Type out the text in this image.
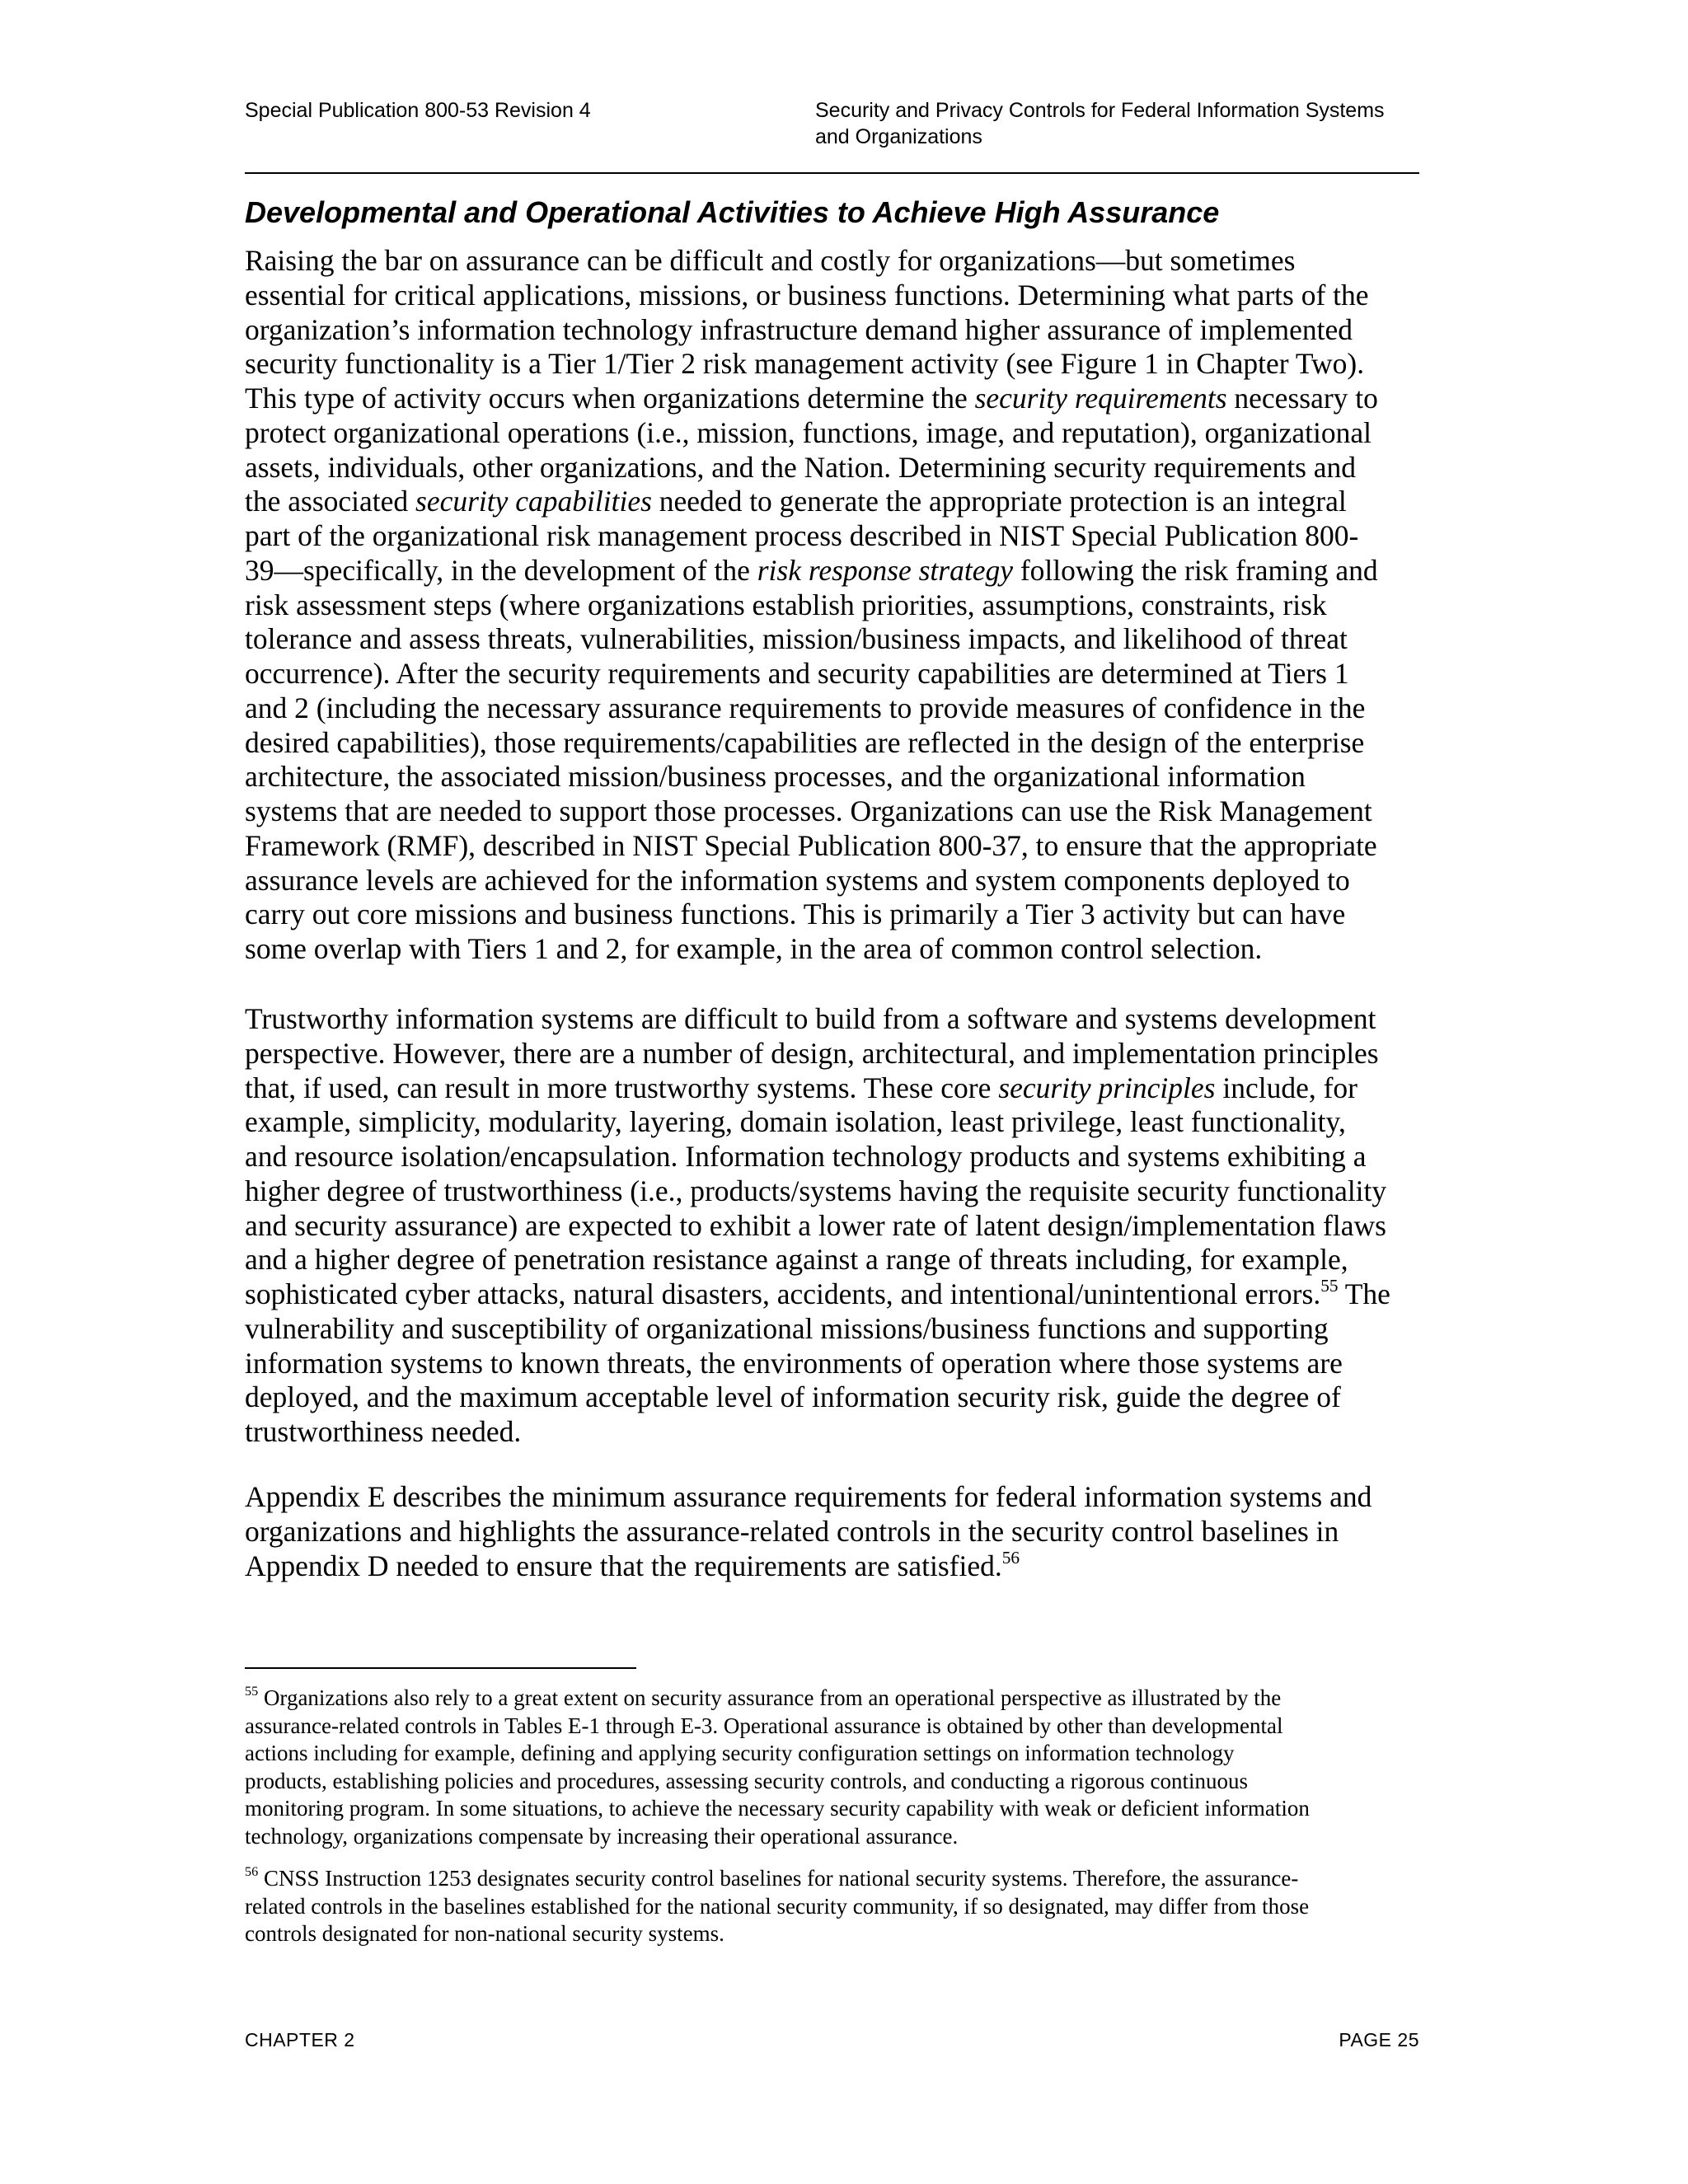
Special Publication 800-53 Revision 4	Security and Privacy Controls for Federal Information Systems
and Organizations
Developmental and Operational Activities to Achieve High Assurance
Raising the bar on assurance can be difficult and costly for organizations—but sometimes
essential for critical applications, missions, or business functions. Determining what parts of the
organization’s information technology infrastructure demand higher assurance of implemented
security functionality is a Tier 1/Tier 2 risk management activity (see Figure 1 in Chapter Two).
This type of activity occurs when organizations determine the security requirements necessary to
protect organizational operations (i.e., mission, functions, image, and reputation), organizational
assets, individuals, other organizations, and the Nation. Determining security requirements and
the associated security capabilities needed to generate the appropriate protection is an integral
part of the organizational risk management process described in NIST Special Publication 800-
39—specifically, in the development of the risk response strategy following the risk framing and
risk assessment steps (where organizations establish priorities, assumptions, constraints, risk
tolerance and assess threats, vulnerabilities, mission/business impacts, and likelihood of threat
occurrence). After the security requirements and security capabilities are determined at Tiers 1
and 2 (including the necessary assurance requirements to provide measures of confidence in the
desired capabilities), those requirements/capabilities are reflected in the design of the enterprise
architecture, the associated mission/business processes, and the organizational information
systems that are needed to support those processes. Organizations can use the Risk Management
Framework (RMF), described in NIST Special Publication 800-37, to ensure that the appropriate
assurance levels are achieved for the information systems and system components deployed to
carry out core missions and business functions. This is primarily a Tier 3 activity but can have
some overlap with Tiers 1 and 2, for example, in the area of common control selection.
Trustworthy information systems are difficult to build from a software and systems development
perspective. However, there are a number of design, architectural, and implementation principles
that, if used, can result in more trustworthy systems. These core security principles include, for
example, simplicity, modularity, layering, domain isolation, least privilege, least functionality,
and resource isolation/encapsulation. Information technology products and systems exhibiting a
higher degree of trustworthiness (i.e., products/systems having the requisite security functionality
and security assurance) are expected to exhibit a lower rate of latent design/implementation flaws
and a higher degree of penetration resistance against a range of threats including, for example,
sophisticated cyber attacks, natural disasters, accidents, and intentional/unintentional errors.$^{55}$ The
vulnerability and susceptibility of organizational missions/business functions and supporting
information systems to known threats, the environments of operation where those systems are
deployed, and the maximum acceptable level of information security risk, guide the degree of
trustworthiness needed.
Appendix E describes the minimum assurance requirements for federal information systems and
organizations and highlights the assurance-related controls in the security control baselines in
Appendix D needed to ensure that the requirements are satisfied.$^{56}$
$^{55}$ Organizations also rely to a great extent on security assurance from an operational perspective as illustrated by the
assurance-related controls in Tables E-1 through E-3. Operational assurance is obtained by other than developmental
actions including for example, defining and applying security configuration settings on information technology
products, establishing policies and procedures, assessing security controls, and conducting a rigorous continuous
monitoring program. In some situations, to achieve the necessary security capability with weak or deficient information
technology, organizations compensate by increasing their operational assurance.
$^{56}$ CNSS Instruction 1253 designates security control baselines for national security systems. Therefore, the assurance-
related controls in the baselines established for the national security community, if so designated, may differ from those
controls designated for non-national security systems.
CHAPTER 2	PAGE 25
